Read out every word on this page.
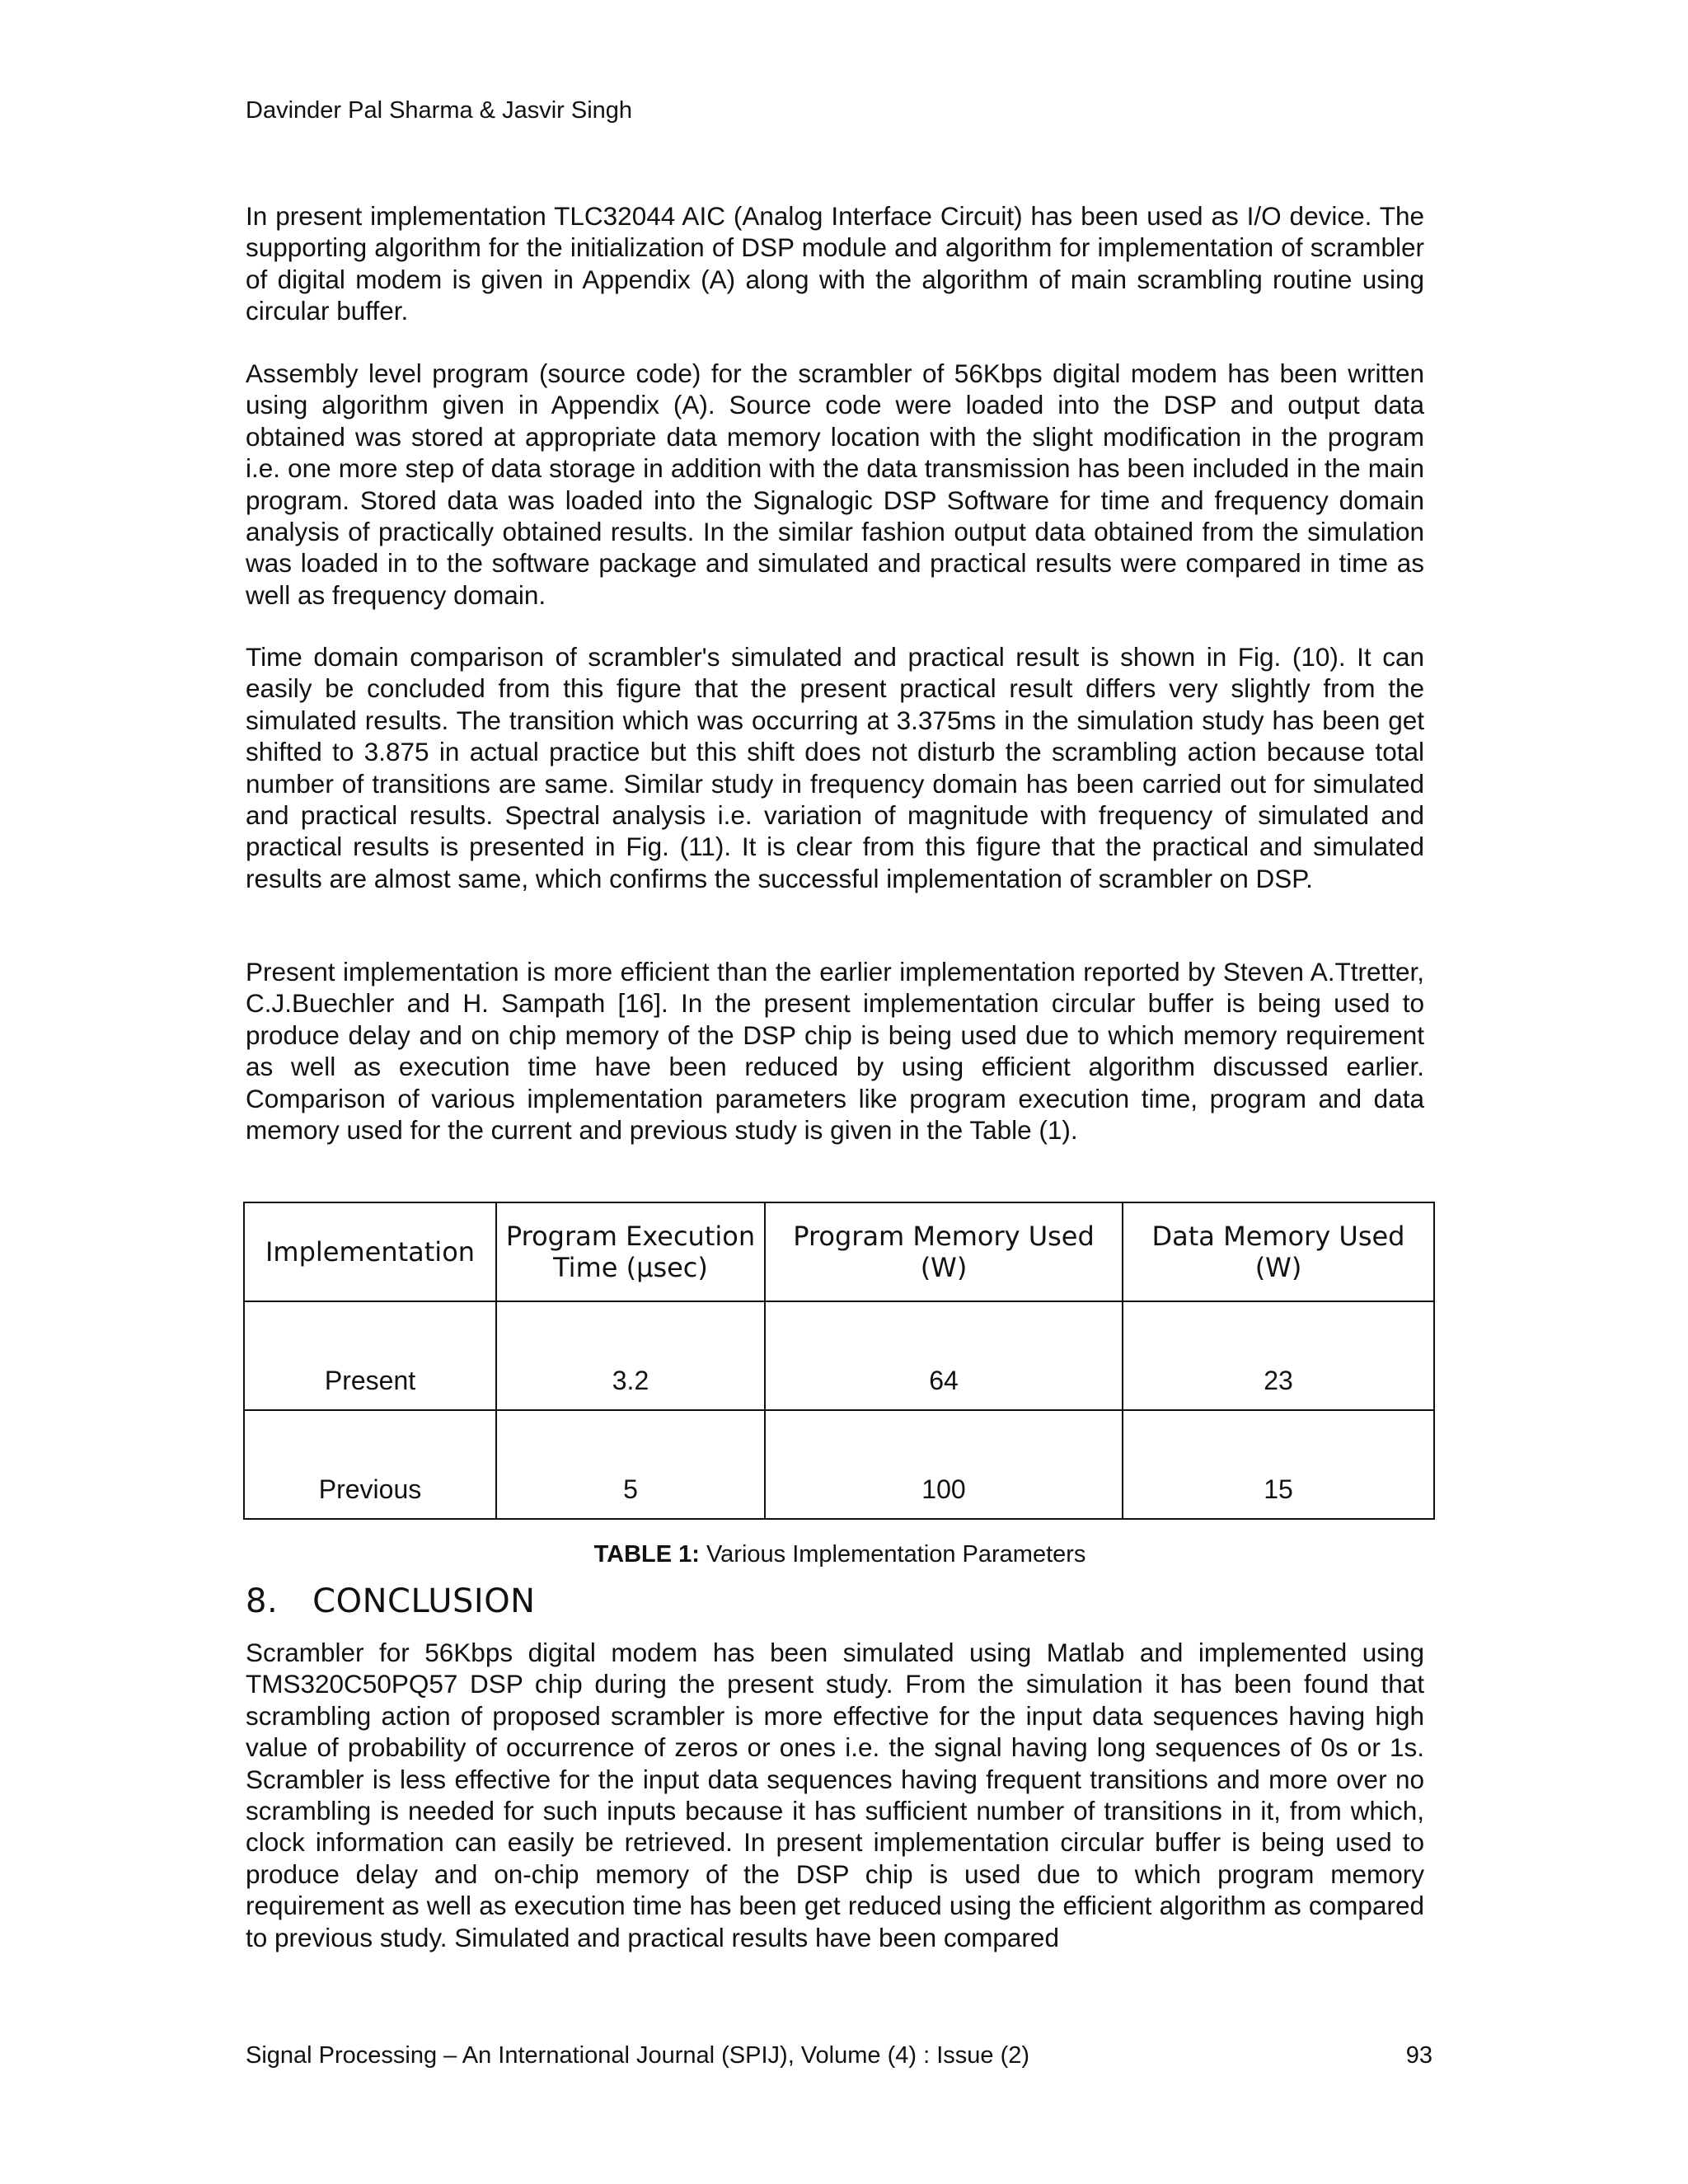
Davinder Pal Sharma & Jasvir Singh

In present implementation TLC32044 AIC (Analog Interface Circuit) has been used as I/O device. The supporting algorithm for the initialization of DSP module and algorithm for implementation of scrambler of digital modem is given in Appendix (A) along with the algorithm of main scrambling routine using circular buffer.

Assembly level program (source code) for the scrambler of 56Kbps digital modem has been written using algorithm given in Appendix (A). Source code were loaded into the DSP and output data obtained was stored at appropriate data memory location with the slight modification in the program i.e. one more step of data storage in addition with the data transmission has been included in the main program. Stored data was loaded into the Signalogic DSP Software for time and frequency domain analysis of practically obtained results. In the similar fashion output data obtained from the simulation was loaded in to the software package and simulated and practical results were compared in time as well as frequency domain.

Time domain comparison of scrambler's simulated and practical result is shown in Fig. (10). It can easily be concluded from this figure that the present practical result differs very slightly from the simulated results. The transition which was occurring at 3.375ms in the simulation study has been get shifted to 3.875 in actual practice but this shift does not disturb the scrambling action because total number of transitions are same. Similar study in frequency domain has been carried out for simulated and practical results. Spectral analysis i.e. variation of magnitude with frequency of simulated and practical results is presented in Fig. (11). It is clear from this figure that the practical and simulated results are almost same, which confirms the successful implementation of scrambler on DSP.

Present implementation is more efficient than the earlier implementation reported by Steven A.Ttretter, C.J.Buechler and H. Sampath [16]. In the present implementation circular buffer is being used to produce delay and on chip memory of the DSP chip is being used due to which memory requirement as well as execution time have been reduced by using efficient algorithm discussed earlier. Comparison of various implementation parameters like program execution time, program and data memory used for the current and previous study is given in the Table (1).

Implementation	Program Execution Time (µsec)	Program Memory Used (W)	Data Memory Used (W)
Present	3.2	64	23
Previous	5	100	15
TABLE 1: Various Implementation Parameters
8. CONCLUSION

Scrambler for 56Kbps digital modem has been simulated using Matlab and implemented using TMS320C50PQ57 DSP chip during the present study. From the simulation it has been found that scrambling action of proposed scrambler is more effective for the input data sequences having high value of probability of occurrence of zeros or ones i.e. the signal having long sequences of 0s or 1s. Scrambler is less effective for the input data sequences having frequent transitions and more over no scrambling is needed for such inputs because it has sufficient number of transitions in it, from which, clock information can easily be retrieved. In present implementation circular buffer is being used to produce delay and on-chip memory of the DSP chip is used due to which program memory requirement as well as execution time has been get reduced using the efficient algorithm as compared to previous study. Simulated and practical results have been compared

Signal Processing – An International Journal (SPIJ), Volume (4) : Issue (2)	93
